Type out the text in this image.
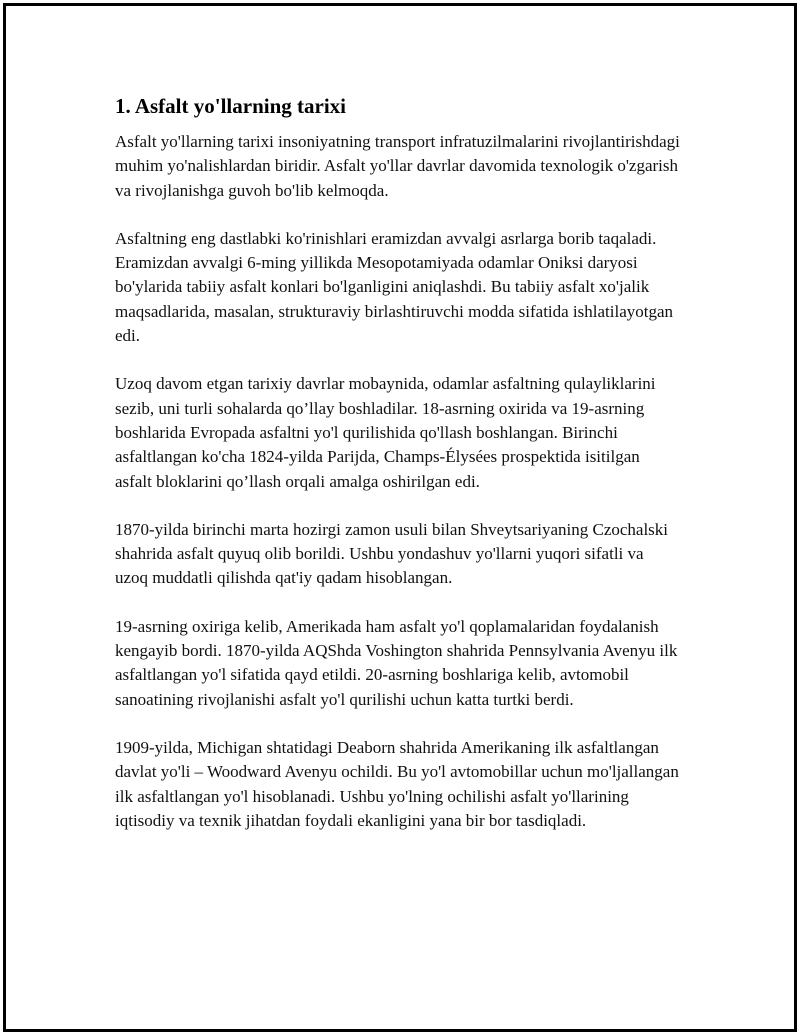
1. Asfalt yo'llarning tarixi

Asfalt yo'llarning tarixi insoniyatning transport infratuzilmalarini rivojlantirishdagi muhim yo'nalishlardan biridir. Asfalt yo'llar davrlar davomida texnologik o'zgarish va rivojlanishga guvoh bo'lib kelmoqda.

Asfaltning eng dastlabki ko'rinishlari eramizdan avvalgi asrlarga borib taqaladi. Eramizdan avvalgi 6-ming yillikda Mesopotamiyada odamlar Oniksi daryosi bo'ylarida tabiiy asfalt konlari bo'lganligini aniqlashdi. Bu tabiiy asfalt xo'jalik maqsadlarida, masalan, strukturaviy birlashtiruvchi modda sifatida ishlatilayotgan edi.

Uzoq davom etgan tarixiy davrlar mobaynida, odamlar asfaltning qulayliklarini sezib, uni turli sohalarda qo’llay boshladilar. 18-asrning oxirida va 19-asrning boshlarida Evropada asfaltni yo'l qurilishida qo'llash boshlangan. Birinchi asfaltlangan ko'cha 1824-yilda Parijda, Champs-Élysées prospektida isitilgan asfalt bloklarini qo’llash orqali amalga oshirilgan edi.

1870-yilda birinchi marta hozirgi zamon usuli bilan Shveytsariyaning Czochalski shahrida asfalt quyuq olib borildi. Ushbu yondashuv yo'llarni yuqori sifatli va uzoq muddatli qilishda qat'iy qadam hisoblangan.

19-asrning oxiriga kelib, Amerikada ham asfalt yo'l qoplamalaridan foydalanish kengayib bordi. 1870-yilda AQShda Voshington shahrida Pennsylvania Avenyu ilk asfaltlangan yo'l sifatida qayd etildi. 20-asrning boshlariga kelib, avtomobil sanoatining rivojlanishi asfalt yo'l qurilishi uchun katta turtki berdi.

1909-yilda, Michigan shtatidagi Deaborn shahrida Amerikaning ilk asfaltlangan davlat yo'li – Woodward Avenyu ochildi. Bu yo'l avtomobillar uchun mo'ljallangan ilk asfaltlangan yo'l hisoblanadi. Ushbu yo'lning ochilishi asfalt yo'llarining iqtisodiy va texnik jihatdan foydali ekanligini yana bir bor tasdiqladi.
